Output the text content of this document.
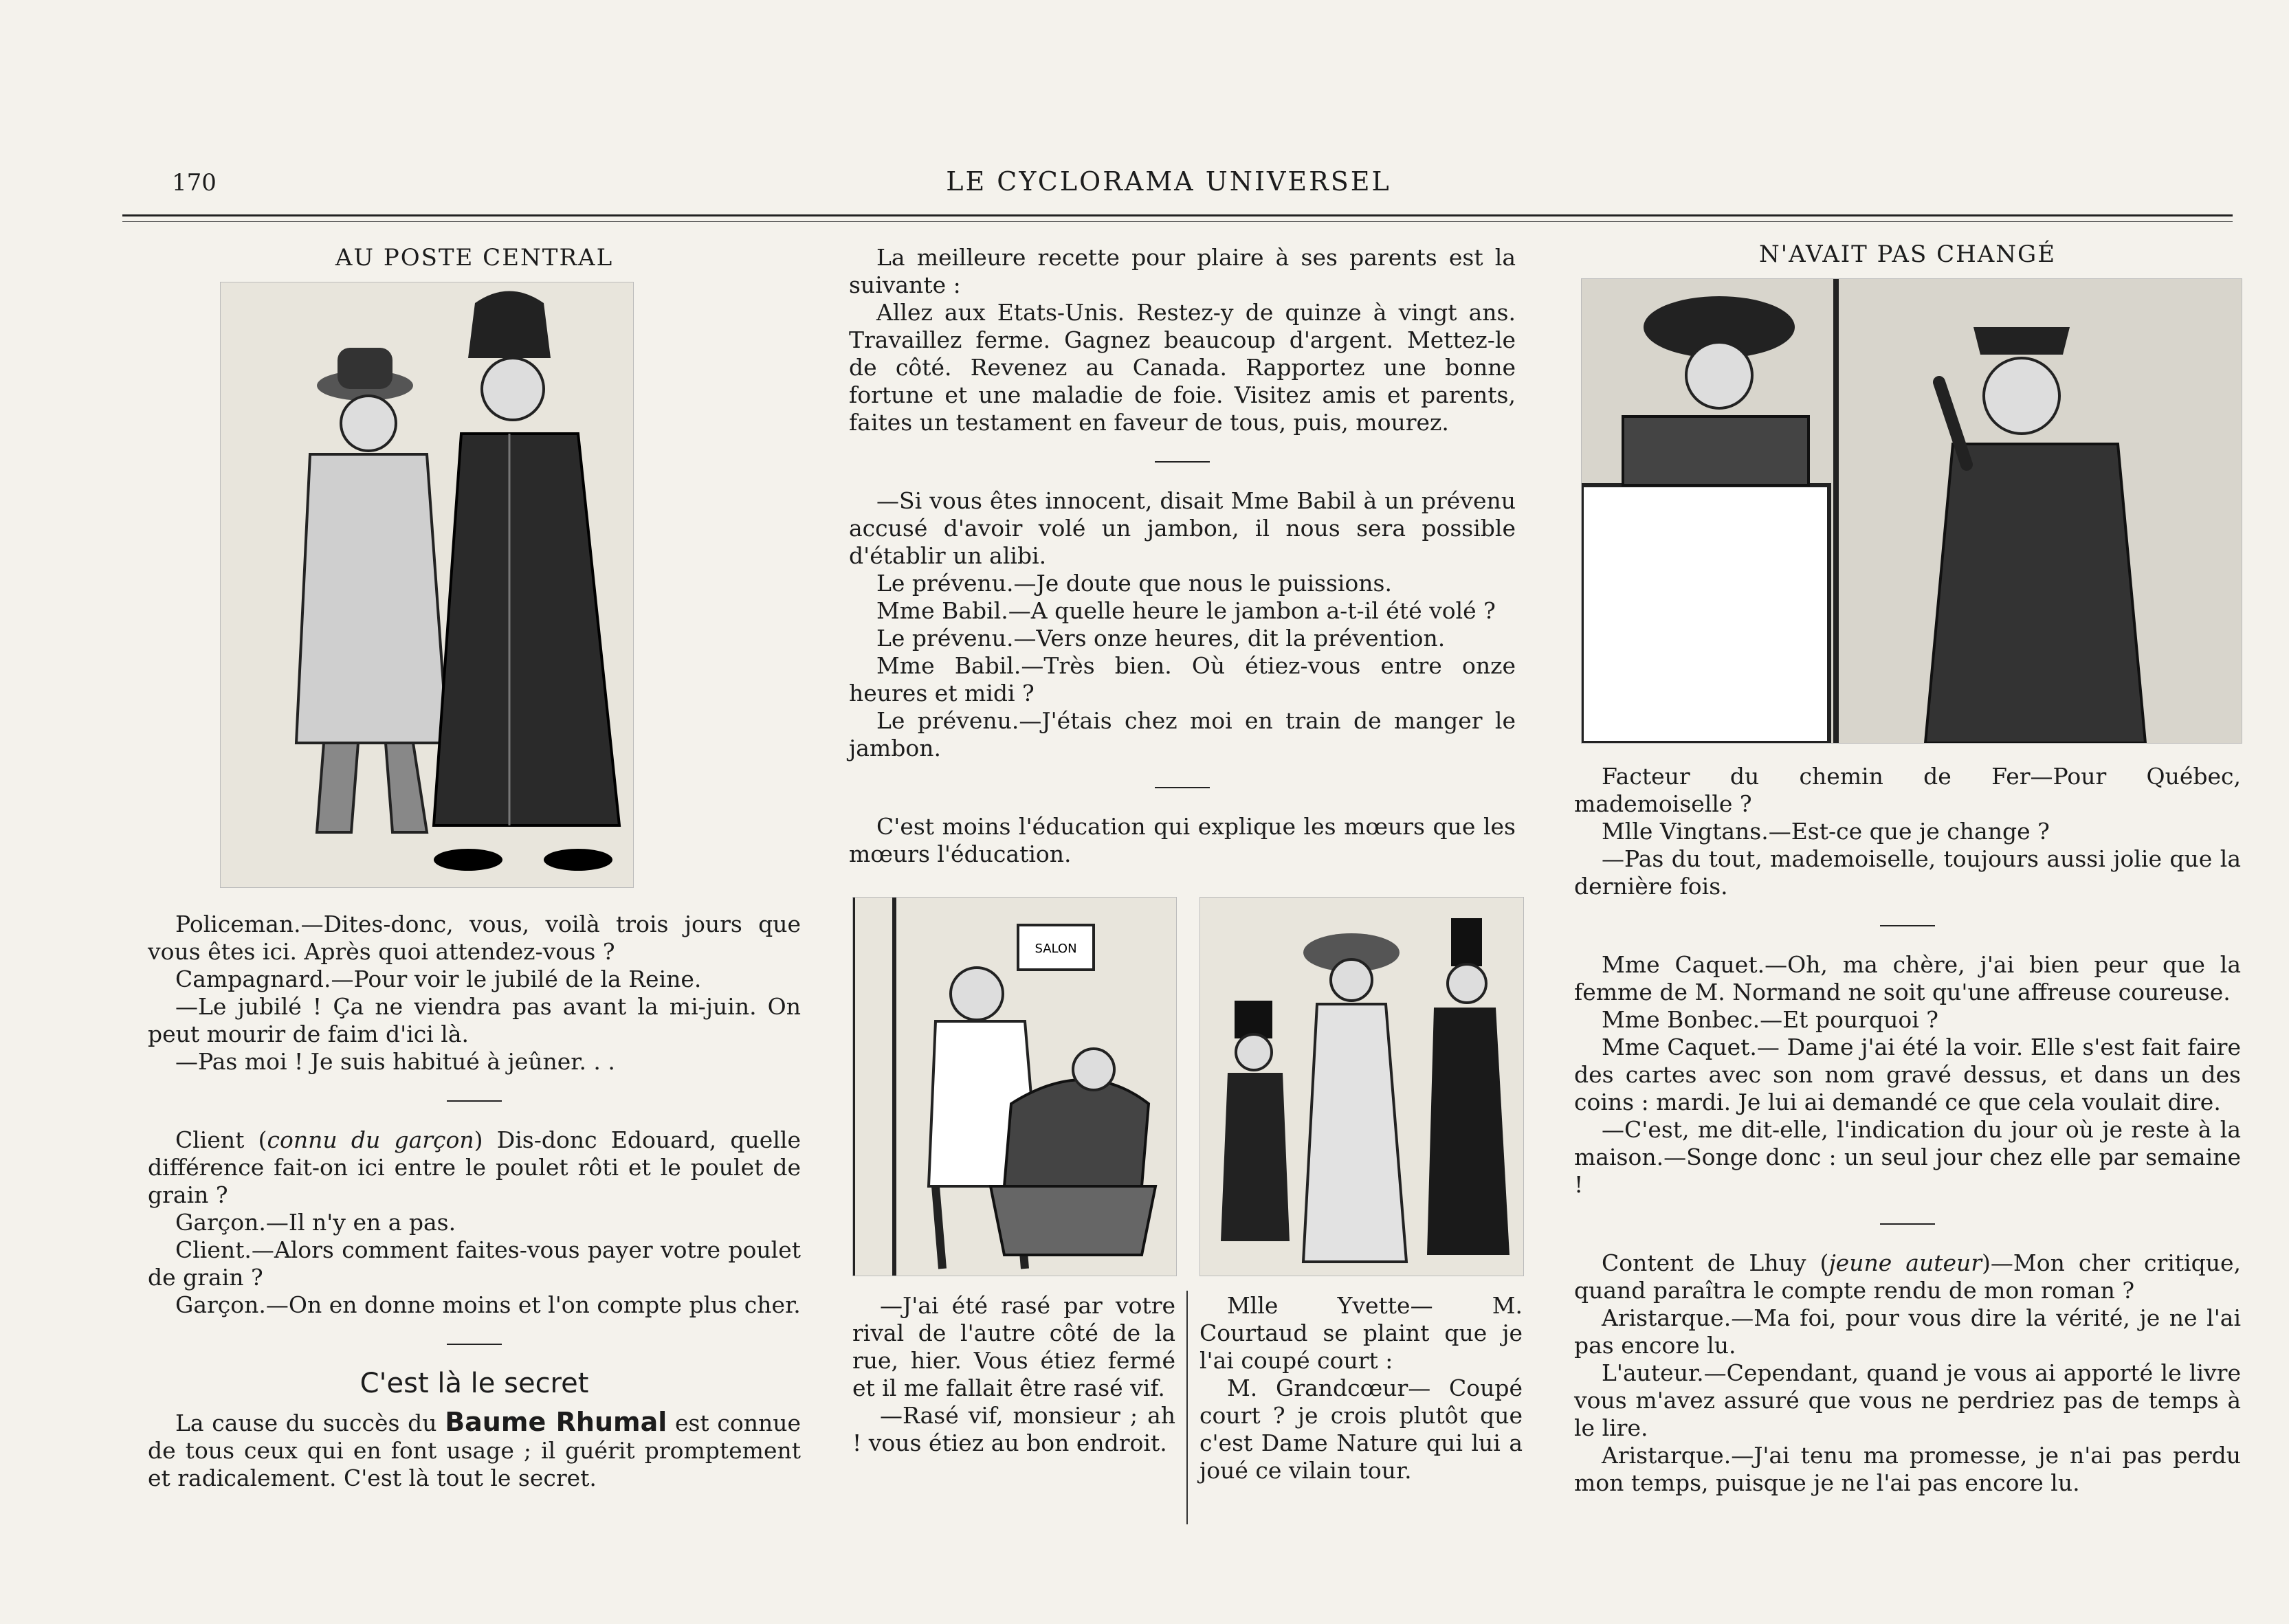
170	LE CYCLORAMA UNIVERSEL
AU POSTE CENTRAL

Policeman.—Dites-donc, vous, voilà trois jours que vous êtes ici. Après quoi attendez-vous ?

Campagnard.—Pour voir le jubilé de la Reine.

—Le jubilé ! Ça ne viendra pas avant la mi-juin. On peut mourir de faim d'ici là.

—Pas moi ! Je suis habitué à jeûner. . .

Client (connu du garçon) Dis-donc Edouard, quelle différence fait-on ici entre le poulet rôti et le poulet de grain ?

Garçon.—Il n'y en a pas.

Client.—Alors comment faites-vous payer votre poulet de grain ?

Garçon.—On en donne moins et l'on compte plus cher.

C'est là le secret

La cause du succès du Baume Rhumal est connue de tous ceux qui en font usage ; il guérit promptement et radicalement. C'est là tout le secret.

La meilleure recette pour plaire à ses parents est la suivante :

Allez aux Etats-Unis. Restez-y de quinze à vingt ans. Travaillez ferme. Gagnez beaucoup d'argent. Mettez-le de côté. Revenez au Canada. Rapportez une bonne fortune et une maladie de foie. Visitez amis et parents, faites un testament en faveur de tous, puis, mourez.

—Si vous êtes innocent, disait Mme Babil à un prévenu accusé d'avoir volé un jambon, il nous sera possible d'établir un alibi.

Le prévenu.—Je doute que nous le puissions.

Mme Babil.—A quelle heure le jambon a-t-il été volé ?

Le prévenu.—Vers onze heures, dit la prévention.

Mme Babil.—Très bien. Où étiez-vous entre onze heures et midi ?

Le prévenu.—J'étais chez moi en train de manger le jambon.

C'est moins l'éducation qui explique les mœurs que les mœurs l'éducation.

SALON

—J'ai été rasé par votre rival de l'autre côté de la rue, hier. Vous étiez fermé et il me fallait être rasé vif.

—Rasé vif, monsieur ; ah ! vous étiez au bon endroit.

Mlle Yvette— M. Courtaud se plaint que je l'ai coupé court :

M. Grandcœur— Coupé court ? je crois plutôt que c'est Dame Nature qui lui a joué ce vilain tour.

N'AVAIT PAS CHANGÉ

Facteur du chemin de Fer—Pour Québec, mademoiselle ?

Mlle Vingtans.—Est-ce que je change ?

—Pas du tout, mademoiselle, toujours aussi jolie que la dernière fois.

Mme Caquet.—Oh, ma chère, j'ai bien peur que la femme de M. Normand ne soit qu'une affreuse coureuse.

Mme Bonbec.—Et pourquoi ?

Mme Caquet.— Dame j'ai été la voir. Elle s'est fait faire des cartes avec son nom gravé dessus, et dans un des coins : mardi. Je lui ai demandé ce que cela voulait dire.

—C'est, me dit-elle, l'indication du jour où je reste à la maison.—Songe donc : un seul jour chez elle par semaine !

Content de Lhuy (jeune auteur)—Mon cher critique, quand paraîtra le compte rendu de mon roman ?

Aristarque.—Ma foi, pour vous dire la vérité, je ne l'ai pas encore lu.

L'auteur.—Cependant, quand je vous ai apporté le livre vous m'avez assuré que vous ne perdriez pas de temps à le lire.

Aristarque.—J'ai tenu ma promesse, je n'ai pas perdu mon temps, puisque je ne l'ai pas encore lu.
